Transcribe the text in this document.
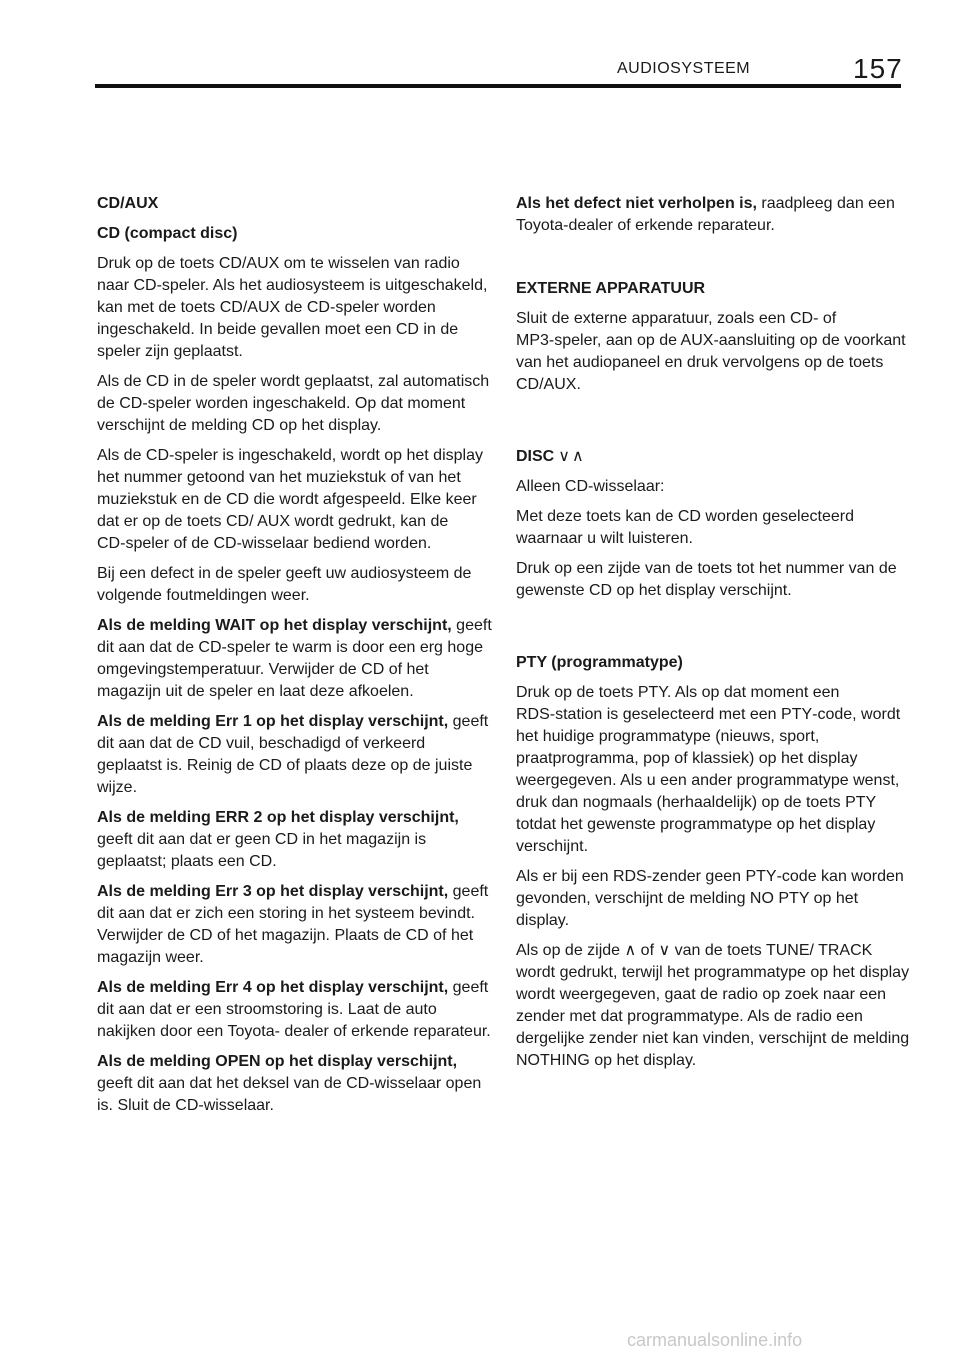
AUDIOSYSTEEM	157

CD/AUX

CD (compact disc)

Druk op de toets CD/AUX om te wisselen van radio naar CD‑speler. Als het audiosysteem is uitgeschakeld, kan met de toets CD/AUX de CD‑speler worden ingeschakeld. In beide gevallen moet een CD in de speler zijn geplaatst.

Als de CD in de speler wordt geplaatst, zal automatisch de CD‑speler worden ingeschakeld. Op dat moment verschijnt de melding CD op het display.

Als de CD‑speler is ingeschakeld, wordt op het display het nummer getoond van het muziekstuk of van het muziekstuk en de CD die wordt afgespeeld. Elke keer dat er op de toets CD/ AUX wordt gedrukt, kan de CD‑speler of de CD‑wisselaar bediend worden.

Bij een defect in de speler geeft uw audiosysteem de volgende foutmeldingen weer.

Als de melding WAIT op het display verschijnt, geeft dit aan dat de CD‑speler te warm is door een erg hoge omgevingstemperatuur. Verwijder de CD of het magazijn uit de speler en laat deze afkoelen.

Als de melding Err 1 op het display verschijnt, geeft dit aan dat de CD vuil, beschadigd of verkeerd geplaatst is. Reinig de CD of plaats deze op de juiste wijze.

Als de melding ERR 2 op het display verschijnt, geeft dit aan dat er geen CD in het magazijn is geplaatst; plaats een CD.

Als de melding Err 3 op het display verschijnt, geeft dit aan dat er zich een storing in het systeem bevindt. Verwijder de CD of het magazijn. Plaats de CD of het magazijn weer.

Als de melding Err 4 op het display verschijnt, geeft dit aan dat er een stroomstoring is. Laat de auto nakijken door een Toyota‑ dealer of erkende reparateur.

Als de melding OPEN op het display verschijnt, geeft dit aan dat het deksel van de CD‑wisselaar open is. Sluit de CD‑wisselaar.

Als het defect niet verholpen is, raadpleeg dan een Toyota‑dealer of erkende reparateur.

EXTERNE APPARATUUR

Sluit de externe apparatuur, zoals een CD‑ of MP3‑speler, aan op de AUX‑aansluiting op de voorkant van het audiopaneel en druk vervolgens op de toets CD/AUX.

DISC ∨∧

Alleen CD‑wisselaar:

Met deze toets kan de CD worden geselecteerd waarnaar u wilt luisteren.

Druk op een zijde van de toets tot het nummer van de gewenste CD op het display verschijnt.

PTY (programmatype)

Druk op de toets PTY. Als op dat moment een RDS‑station is geselecteerd met een PTY‑code, wordt het huidige programmatype (nieuws, sport, praatprogramma, pop of klassiek) op het display weergegeven. Als u een ander programmatype wenst, druk dan nogmaals (herhaaldelijk) op de toets PTY totdat het gewenste programmatype op het display verschijnt.

Als er bij een RDS‑zender geen PTY‑code kan worden gevonden, verschijnt de melding NO PTY op het display.

Als op de zijde ∧ of ∨ van de toets TUNE/ TRACK wordt gedrukt, terwijl het programmatype op het display wordt weergegeven, gaat de radio op zoek naar een zender met dat programmatype. Als de radio een dergelijke zender niet kan vinden, verschijnt de melding NOTHING op het display.

carmanualsonline.info
